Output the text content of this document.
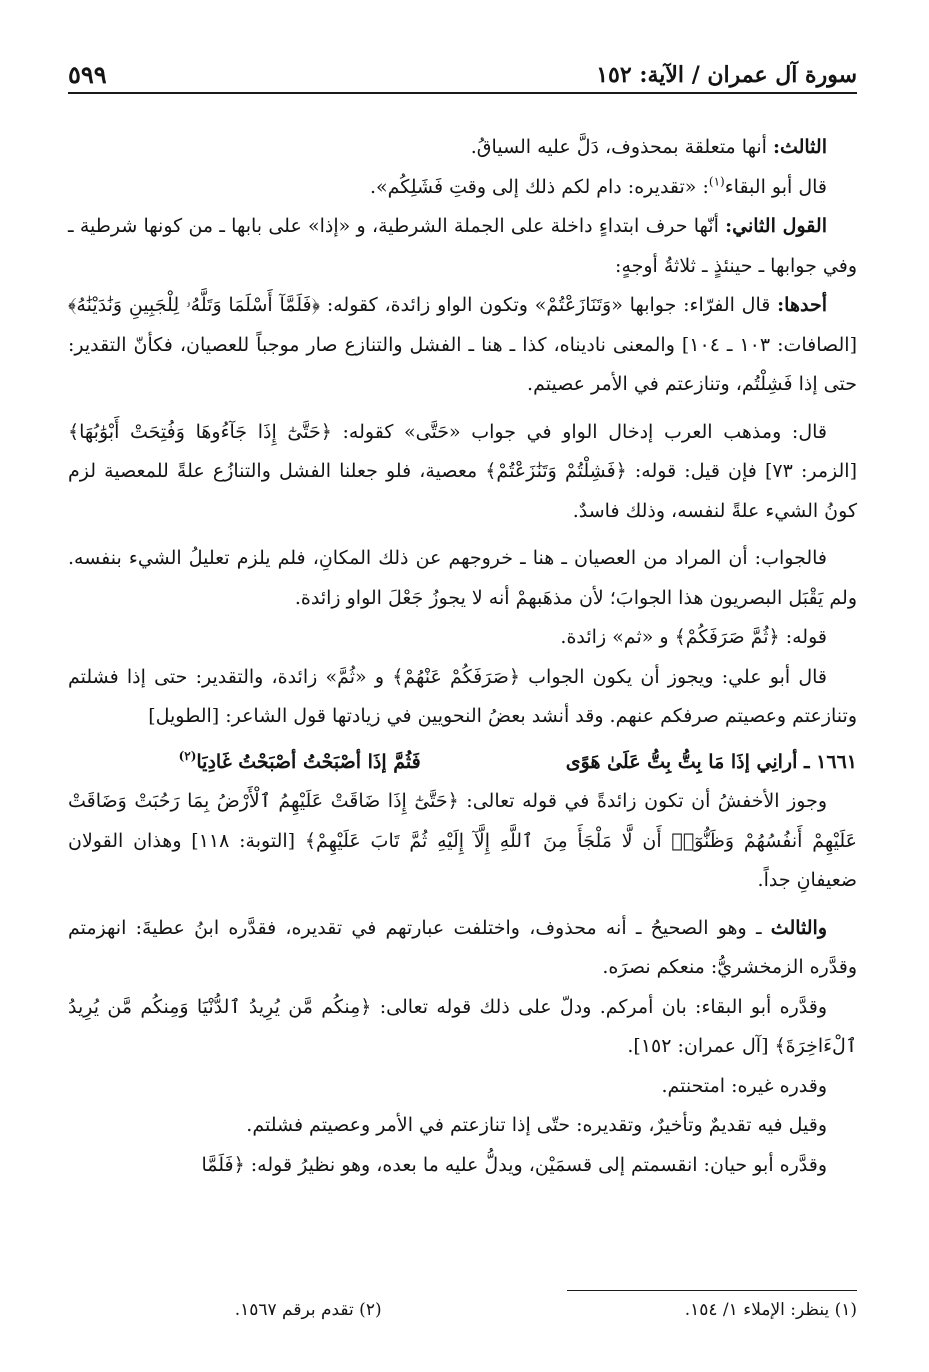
سورة آل عمران / الآية: ١٥٢
٥٩٩

الثالث: أنها متعلقة بمحذوف، دَلَّ عليه السياقُ.

قال أبو البقاء$^{(١)}$: «تقديره: دام لكم ذلك إلى وقتِ فَشَلِكُم».

القول الثاني: أنّها حرف ابتداءٍ داخلة على الجملة الشرطية، و «إذا» على بابها ـ من كونها شرطية ـ وفي جوابها ـ حينئذٍ ـ ثلاثةُ أوجهٍ:

أحدها: قال الفرّاء: جوابها «وَتَنَازَعْتُمْ» وتكون الواو زائدة، كقوله: ﴿فَلَمَّآ أَسْلَمَا وَتَلَّهُۥ لِلْجَبِينِ وَنَٰدَيْنَٰهُ﴾ [الصافات: ١٠٣ ـ ١٠٤] والمعنى ناديناه، كذا ـ هنا ـ الفشل والتنازع صار موجباً للعصيان، فكأنّ التقدير: حتى إذا فَشِلْتُم، وتنازعتم في الأمر عصيتم.

قال: ومذهب العرب إدخال الواو في جواب «حَتَّى» كقوله: ﴿حَتَّىٰٓ إِذَا جَآءُوهَا وَفُتِحَتْ أَبْوَٰبُهَا﴾ [الزمر: ٧٣] فإن قيل: قوله: ﴿فَشِلْتُمْ وَتَنَٰزَعْتُمْ﴾ معصية، فلو جعلنا الفشل والتنازُع علةً للمعصية لزم كونُ الشيء علةً لنفسه، وذلك فاسدٌ.

فالجواب: أن المراد من العصيان ـ هنا ـ خروجهم عن ذلك المكانِ، فلم يلزم تعليلُ الشيء بنفسه. ولم يَقْبَل البصريون هذا الجوابَ؛ لأن مذهَبهمْ أنه لا يجوزُ جَعْلَ الواو زائدة.

قوله: ﴿ثُمَّ صَرَفَكُمْ﴾ و «ثم» زائدة.

قال أبو علي: ويجوز أن يكون الجواب ﴿صَرَفَكُمْ عَنْهُمْ﴾ و «ثُمَّ» زائدة، والتقدير: حتى إذا فشلتم وتنازعتم وعصيتم صرفكم عنهم. وقد أنشد بعضُ النحويين في زيادتها قول الشاعر: [الطويل]

١٦٦١ ـ أرانِي إذَا مَا بِتُّ بِتُّ عَلَىٰ هَوًى فَثُمَّ إذَا أصْبَحْتُ أصْبَحْتُ غَادِيَا(٢)

وجوز الأخفشُ أن تكون زائدةً في قوله تعالى: ﴿حَتَّىٰٓ إِذَا ضَاقَتْ عَلَيْهِمُ ٱلْأَرْضُ بِمَا رَحُبَتْ وَضَاقَتْ عَلَيْهِمْ أَنفُسُهُمْ وَظَنُّوٓا۟ أَن لَّا مَلْجَأَ مِنَ ٱللَّهِ إِلَّآ إِلَيْهِ ثُمَّ تَابَ عَلَيْهِمْ﴾ [التوبة: ١١٨] وهذان القولان ضعيفانِ جداً.

والثالث ـ وهو الصحيحُ ـ أنه محذوف، واختلفت عبارتهم في تقديره، فقدَّره ابنُ عطيةَ: انهزمتم وقدَّره الزمخشريُّ: منعكم نصرَه.

وقدَّره أبو البقاء: بان أمركم. ودلّ على ذلك قوله تعالى: ﴿مِنكُم مَّن يُرِيدُ ٱلدُّنْيَا وَمِنكُم مَّن يُرِيدُ ٱلْءَاخِرَةَ﴾ [آل عمران: ١٥٢].

وقدره غيره: امتحنتم.

وقيل فيه تقديمٌ وتأخيرٌ، وتقديره: حتّى إذا تنازعتم في الأمر وعصيتم فشلتم.

وقدَّره أبو حيان: انقسمتم إلى قسمَيْن، ويدلُّ عليه ما بعده، وهو نظيرُ قوله: ﴿فَلَمَّا

(١) ينظر: الإملاء ١/ ١٥٤. (٢) تقدم برقم ١٥٦٧.
